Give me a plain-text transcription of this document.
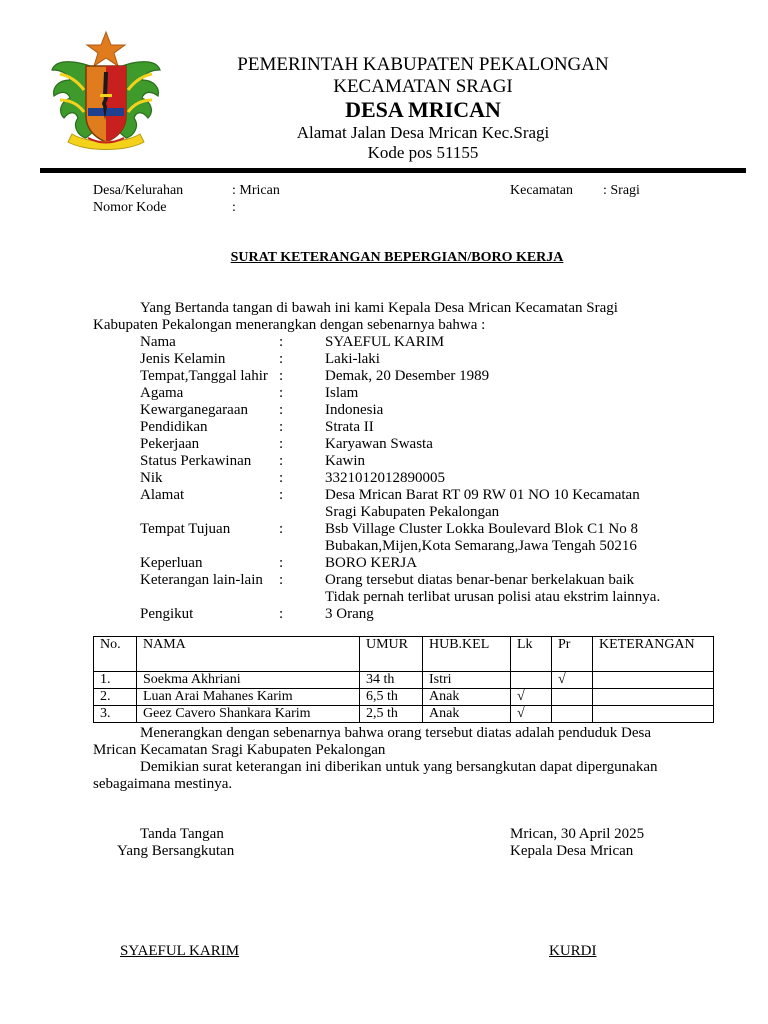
PEMERINTAH KABUPATEN PEKALONGAN
KECAMATAN SRAGI
DESA MRICAN
Alamat Jalan Desa Mrican Kec.Sragi
Kode pos 51155
Desa/Kelurahan	: Mrican	Kecamatan : Sragi
Nomor Kode	:
SURAT KETERANGAN BEPERGIAN/BORO KERJA
Yang Bertanda tangan di bawah ini kami Kepala Desa Mrican Kecamatan Sragi
Kabupaten Pekalongan menerangkan dengan sebenarnya bahwa :
Nama	:	SYAEFUL KARIM
Jenis Kelamin	:	Laki-laki
Tempat,Tanggal lahir :	Demak, 20 Desember 1989
Agama	:	Islam
Kewarganegaraan :	Indonesia
Pendidikan	:	Strata II
Pekerjaan	:	Karyawan Swasta
Status Perkawinan :	Kawin
Nik	:	3321012012890005
Alamat	:	Desa Mrican Barat RT 09 RW 01 NO 10 Kecamatan
Sragi Kabupaten Pekalongan
Tempat Tujuan	:	Bsb Village Cluster Lokka Boulevard Blok C1 No 8
Bubakan,Mijen,Kota Semarang,Jawa Tengah 50216
Keperluan	:	BORO KERJA
Keterangan lain-lain :	Orang tersebut diatas benar-benar berkelakuan baik
Tidak pernah terlibat urusan polisi atau ekstrim lainnya.
Pengikut	:	3 Orang
No.	NAMA	UMUR	HUB.KEL	Lk	Pr	KETERANGAN
1.	Soekma Akhriani	34 th	Istri		√	
2.	Luan Arai Mahanes Karim	6,5 th	Anak	√		
3.	Geez Cavero Shankara Karim	2,5 th	Anak	√		
Menerangkan dengan sebenarnya bahwa orang tersebut diatas adalah penduduk Desa
Mrican Kecamatan Sragi Kabupaten Pekalongan
Demikian surat keterangan ini diberikan untuk yang bersangkutan dapat dipergunakan
sebagaimana mestinya.
Tanda Tangan
Yang Bersangkutan
Mrican, 30 April 2025
Kepala Desa Mrican
SYAEFUL KARIM	KURDI
